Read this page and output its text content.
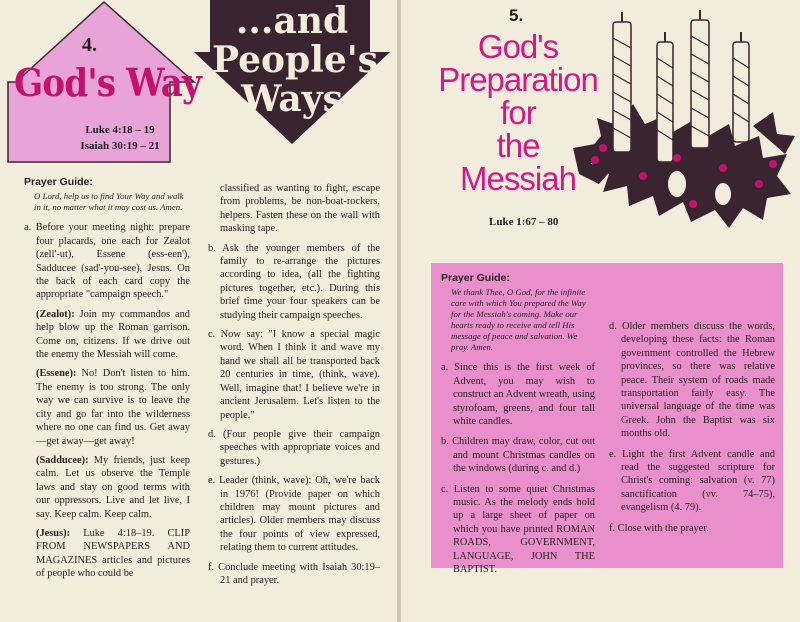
4.
God's Way
Luke 4:18 – 19
Isaiah 30:19 – 21
...and
People's
Ways
Prayer Guide:
O Lord, help us to find Your Way and walk in it, no matter what it may cost us. Amen.

a. Before your meeting night: prepare four placards, one each for Zealot (zell'-ut), Essene (ess-een'), Sadducee (sad'-you-see), Jesus. On the back of each card copy the appropriate "campaign speech."

(Zealot): Join my commandos and help blow up the Roman garrison. Come on, citizens. If we drive out the enemy the Messiah will come.

(Essene): No! Don't listen to him. The enemy is too strong. The only way we can survive is to leave the city and go far into the wilderness where no one can find us. Get away—get away—get away!

(Sadducee): My friends, just keep calm. Let us observe the Temple laws and stay on good terms with our oppressors. Live and let live, I say. Keep calm. Keep calm.

(Jesus): Luke 4:18–19. CLIP FROM NEWSPAPERS AND MAGAZINES articles and pictures of people who could be

classified as wanting to fight, escape from problems, be non-boat-rockers, helpers. Fasten these on the wall with masking tape.

b. Ask the younger members of the family to re-arrange the pictures according to idea, (all the fighting pictures together, etc.). During this brief time your four speakers can be studying their campaign speeches.

c. Now say: "I know a special magic word. When I think it and wave my hand we shall all be transported back 20 centuries in time, (think, wave). Well, imagine that! I believe we're in ancient Jerusalem. Let's listen to the people."

d. (Four people give their campaign speeches with appropriate voices and gestures.)

e. Leader (think, wave): Oh, we're back in 1976! (Provide paper on which children may mount pictures and articles). Older members may discuss the four points of view expressed, relating them to current attitudes.

f. Conclude meeting with Isaiah 30:19–21 and prayer.

5.
God's
Preparation
for
the
Messiah
Luke 1:67 – 80
Prayer Guide:
We thank Thee, O God, for the infinite care with which You prepared the Way for the Messiah's coming. Make our hearts ready to receive and tell His message of peace and salvation. We pray. Amen.

a. Since this is the first week of Advent, you may wish to construct an Advent wreath, using styrofoam, greens, and four tall white candles.

b. Children may draw, color, cut out and mount Christmas candles on the windows (during c. and d.)

c. Listen to some quiet Christmas music. As the melody ends hold up a large sheet of paper on which you have printed ROMAN ROADS, GOVERNMENT, LANGUAGE, JOHN THE BAPTIST.

d. Older members discuss the words, developing these facts: the Roman government controlled the Hebrew provinces, so there was relative peace. Their system of roads made transportation fairly easy. The universal language of the time was Greek. John the Baptist was six months old.

e. Light the first Advent candle and read the suggested scripture for Christ's coming: salvation (v. 77) sanctification (vv. 74–75), evangelism (4. 79).

f. Close with the prayer.
